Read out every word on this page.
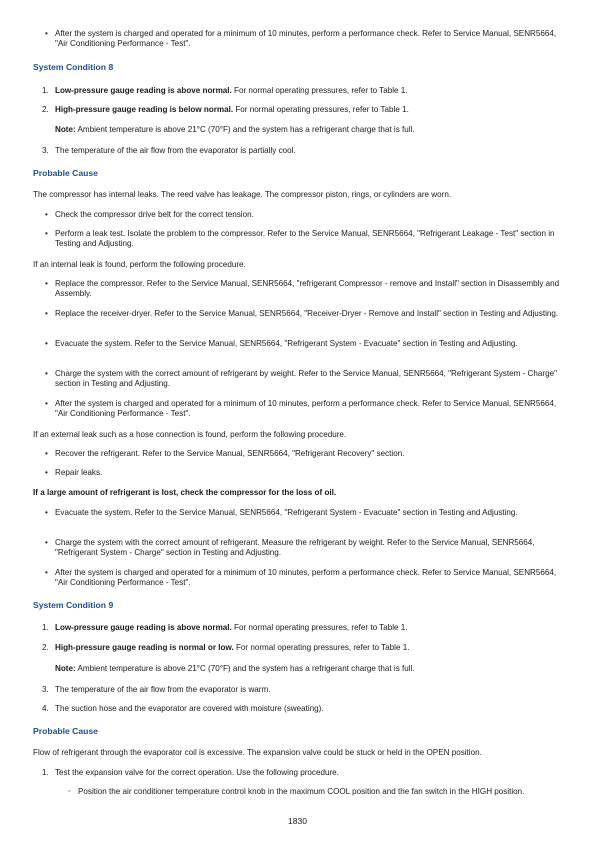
• After the system is charged and operated for a minimum of 10 minutes, perform a performance check. Refer to Service Manual, SENR5664, "Air Conditioning Performance - Test".
System Condition 8
1. Low-pressure gauge reading is above normal. For normal operating pressures, refer to Table 1.
2. High-pressure gauge reading is below normal. For normal operating pressures, refer to Table 1.
Note: Ambient temperature is above 21°C (70°F) and the system has a refrigerant charge that is full.
3. The temperature of the air flow from the evaporator is partially cool.
Probable Cause
The compressor has internal leaks. The reed valve has leakage. The compressor piston, rings, or cylinders are worn.
• Check the compressor drive belt for the correct tension.
• Perform a leak test. Isolate the problem to the compressor. Refer to the Service Manual, SENR5664, "Refrigerant Leakage - Test" section in Testing and Adjusting.
If an internal leak is found, perform the following procedure.
• Replace the compressor. Refer to the Service Manual, SENR5664, "refrigerant Compressor - remove and Install" section in Disassembly and Assembly.
• Replace the receiver-dryer. Refer to the Service Manual, SENR5664, "Receiver-Dryer - Remove and Install" section in Testing and Adjusting.
• Evacuate the system. Refer to the Service Manual, SENR5664, "Refrigerant System - Evacuate" section in Testing and Adjusting.
• Charge the system with the correct amount of refrigerant by weight. Refer to the Service Manual, SENR5664, "Refrigerant System - Charge" section in Testing and Adjusting.
• After the system is charged and operated for a minimum of 10 minutes, perform a performance check. Refer to Service Manual, SENR5664, "Air Conditioning Performance - Test".
If an external leak such as a hose connection is found, perform the following procedure.
• Recover the refrigerant. Refer to the Service Manual, SENR5664, "Refrigerant Recovery" section.
• Repair leaks.
If a large amount of refrigerant is lost, check the compressor for the loss of oil.
• Evacuate the system. Refer to the Service Manual, SENR5664, "Refrigerant System - Evacuate" section in Testing and Adjusting.
• Charge the system with the correct amount of refrigerant. Measure the refrigerant by weight. Refer to the Service Manual, SENR5664, "Refrigerant System - Charge" section in Testing and Adjusting.
• After the system is charged and operated for a minimum of 10 minutes, perform a performance check. Refer to Service Manual, SENR5664, "Air Conditioning Performance - Test".
System Condition 9
1. Low-pressure gauge reading is above normal. For normal operating pressures, refer to Table 1.
2. High-pressure gauge reading is normal or low. For normal operating pressures, refer to Table 1.
Note: Ambient temperature is above 21°C (70°F) and the system has a refrigerant charge that is full.
3. The temperature of the air flow from the evaporator is warm.
4. The suction hose and the evaporator are covered with moisture (sweating).
Probable Cause
Flow of refrigerant through the evaporator coil is excessive. The expansion valve could be stuck or held in the OPEN position.
1. Test the expansion valve for the correct operation. Use the following procedure.
◦ Position the air conditioner temperature control knob in the maximum COOL position and the fan switch in the HIGH position.
1830
